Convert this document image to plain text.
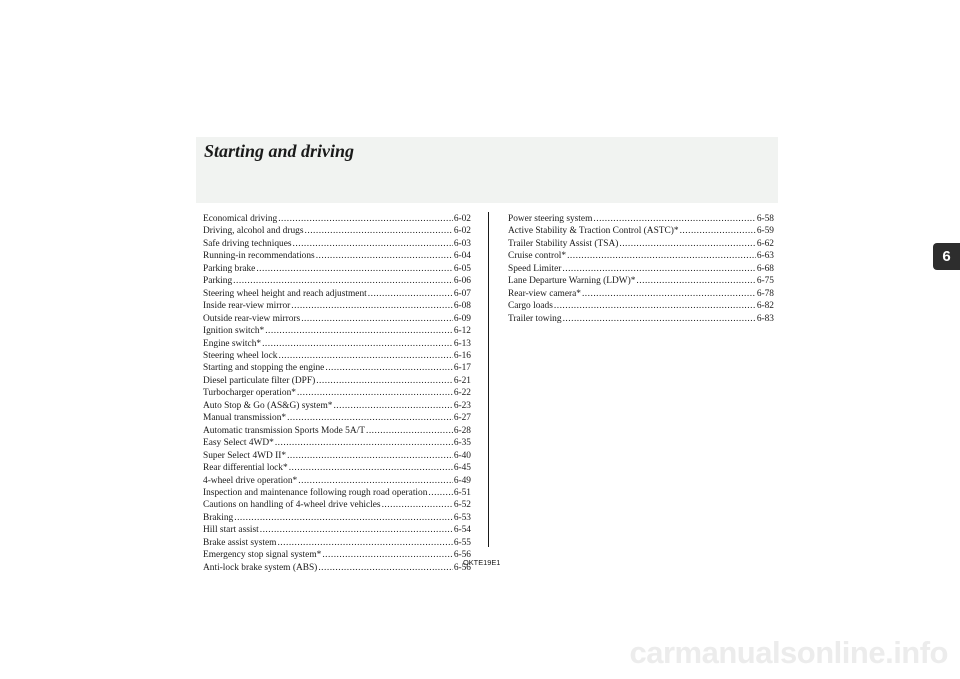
Starting and driving
Economical driving .....	6-02
Driving, alcohol and drugs .....	6-02
Safe driving techniques .....	6-03
Running-in recommendations .....	6-04
Parking brake .....	6-05
Parking .....	6-06
Steering wheel height and reach adjustment .....	6-07
Inside rear-view mirror .....	6-08
Outside rear-view mirrors .....	6-09
Ignition switch* .....	6-12
Engine switch* .....	6-13
Steering wheel lock .....	6-16
Starting and stopping the engine .....	6-17
Diesel particulate filter (DPF) .....	6-21
Turbocharger operation* .....	6-22
Auto Stop & Go (AS&G) system* .....	6-23
Manual transmission* .....	6-27
Automatic transmission Sports Mode 5A/T .....	6-28
Easy Select 4WD* .....	6-35
Super Select 4WD II* .....	6-40
Rear differential lock* .....	6-45
4-wheel drive operation* .....	6-49
Inspection and maintenance following rough road operation .....	6-51
Cautions on handling of 4-wheel drive vehicles .....	6-52
Braking .....	6-53
Hill start assist .....	6-54
Brake assist system .....	6-55
Emergency stop signal system* .....	6-56
Anti-lock brake system (ABS) .....	6-56
Power steering system .....	6-58
Active Stability & Traction Control (ASTC)* .....	6-59
Trailer Stability Assist (TSA) .....	6-62
Cruise control* .....	6-63
Speed Limiter .....	6-68
Lane Departure Warning (LDW)* .....	6-75
Rear-view camera* .....	6-78
Cargo loads .....	6-82
Trailer towing .....	6-83
OKTE19E1
6
carmanualsonline.info
